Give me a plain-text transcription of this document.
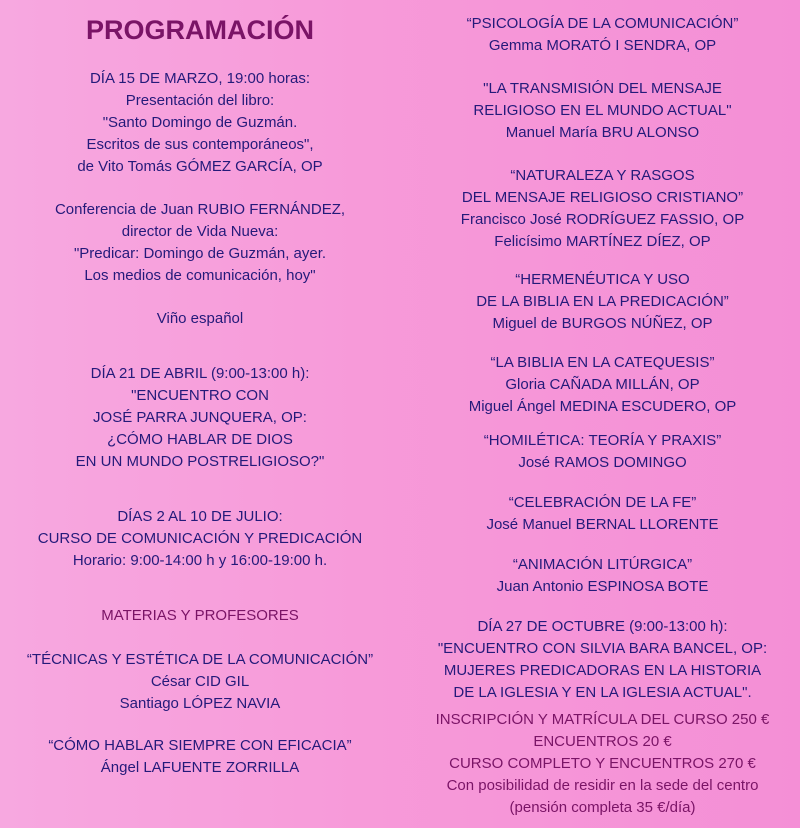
PROGRAMACIÓN
DÍA 15 DE MARZO, 19:00 horas:
Presentación del libro:
"Santo Domingo de Guzmán.
Escritos de sus contemporáneos",
de Vito Tomás GÓMEZ GARCÍA, OP
Conferencia de Juan RUBIO FERNÁNDEZ,
director de Vida Nueva:
"Predicar: Domingo de Guzmán, ayer.
Los medios de comunicación, hoy"
Viño español
DÍA 21 DE ABRIL (9:00-13:00 h):
"ENCUENTRO CON
JOSÉ PARRA JUNQUERA, OP:
¿CÓMO HABLAR DE DIOS
EN UN MUNDO POSTRELIGIOSO?"
DÍAS 2 AL 10 DE JULIO:
CURSO DE COMUNICACIÓN Y PREDICACIÓN
Horario: 9:00-14:00 h y 16:00-19:00 h.
MATERIAS Y PROFESORES
“TÉCNICAS Y ESTÉTICA DE LA COMUNICACIÓN”
César CID GIL
Santiago LÓPEZ NAVIA
“CÓMO HABLAR SIEMPRE CON EFICACIA”
Ángel LAFUENTE ZORRILLA
“PSICOLOGÍA DE LA COMUNICACIÓN”
Gemma MORATÓ I SENDRA, OP
"LA TRANSMISIÓN DEL MENSAJE
RELIGIOSO EN EL MUNDO ACTUAL"
Manuel María BRU ALONSO
“NATURALEZA Y RASGOS
DEL MENSAJE RELIGIOSO CRISTIANO”
Francisco José RODRÍGUEZ FASSIO, OP
Felicísimo MARTÍNEZ DÍEZ, OP
“HERMENÉUTICA Y USO
DE LA BIBLIA EN LA PREDICACIÓN”
Miguel de BURGOS NÚÑEZ, OP
“LA BIBLIA EN LA CATEQUESIS”
Gloria CAÑADA MILLÁN, OP
Miguel Ángel MEDINA ESCUDERO, OP
“HOMILÉTICA: TEORÍA Y PRAXIS”
José RAMOS DOMINGO
“CELEBRACIÓN DE LA FE”
José Manuel BERNAL LLORENTE
“ANIMACIÓN LITÚRGICA”
Juan Antonio ESPINOSA BOTE
DÍA 27 DE OCTUBRE (9:00-13:00 h):
"ENCUENTRO CON SILVIA BARA BANCEL, OP:
MUJERES PREDICADORAS EN LA HISTORIA
DE LA IGLESIA Y EN LA IGLESIA ACTUAL".
INSCRIPCIÓN Y MATRÍCULA DEL CURSO 250 €
ENCUENTROS 20 €
CURSO COMPLETO Y ENCUENTROS 270 €
Con posibilidad de residir en la sede del centro
(pensión completa 35 €/día)
